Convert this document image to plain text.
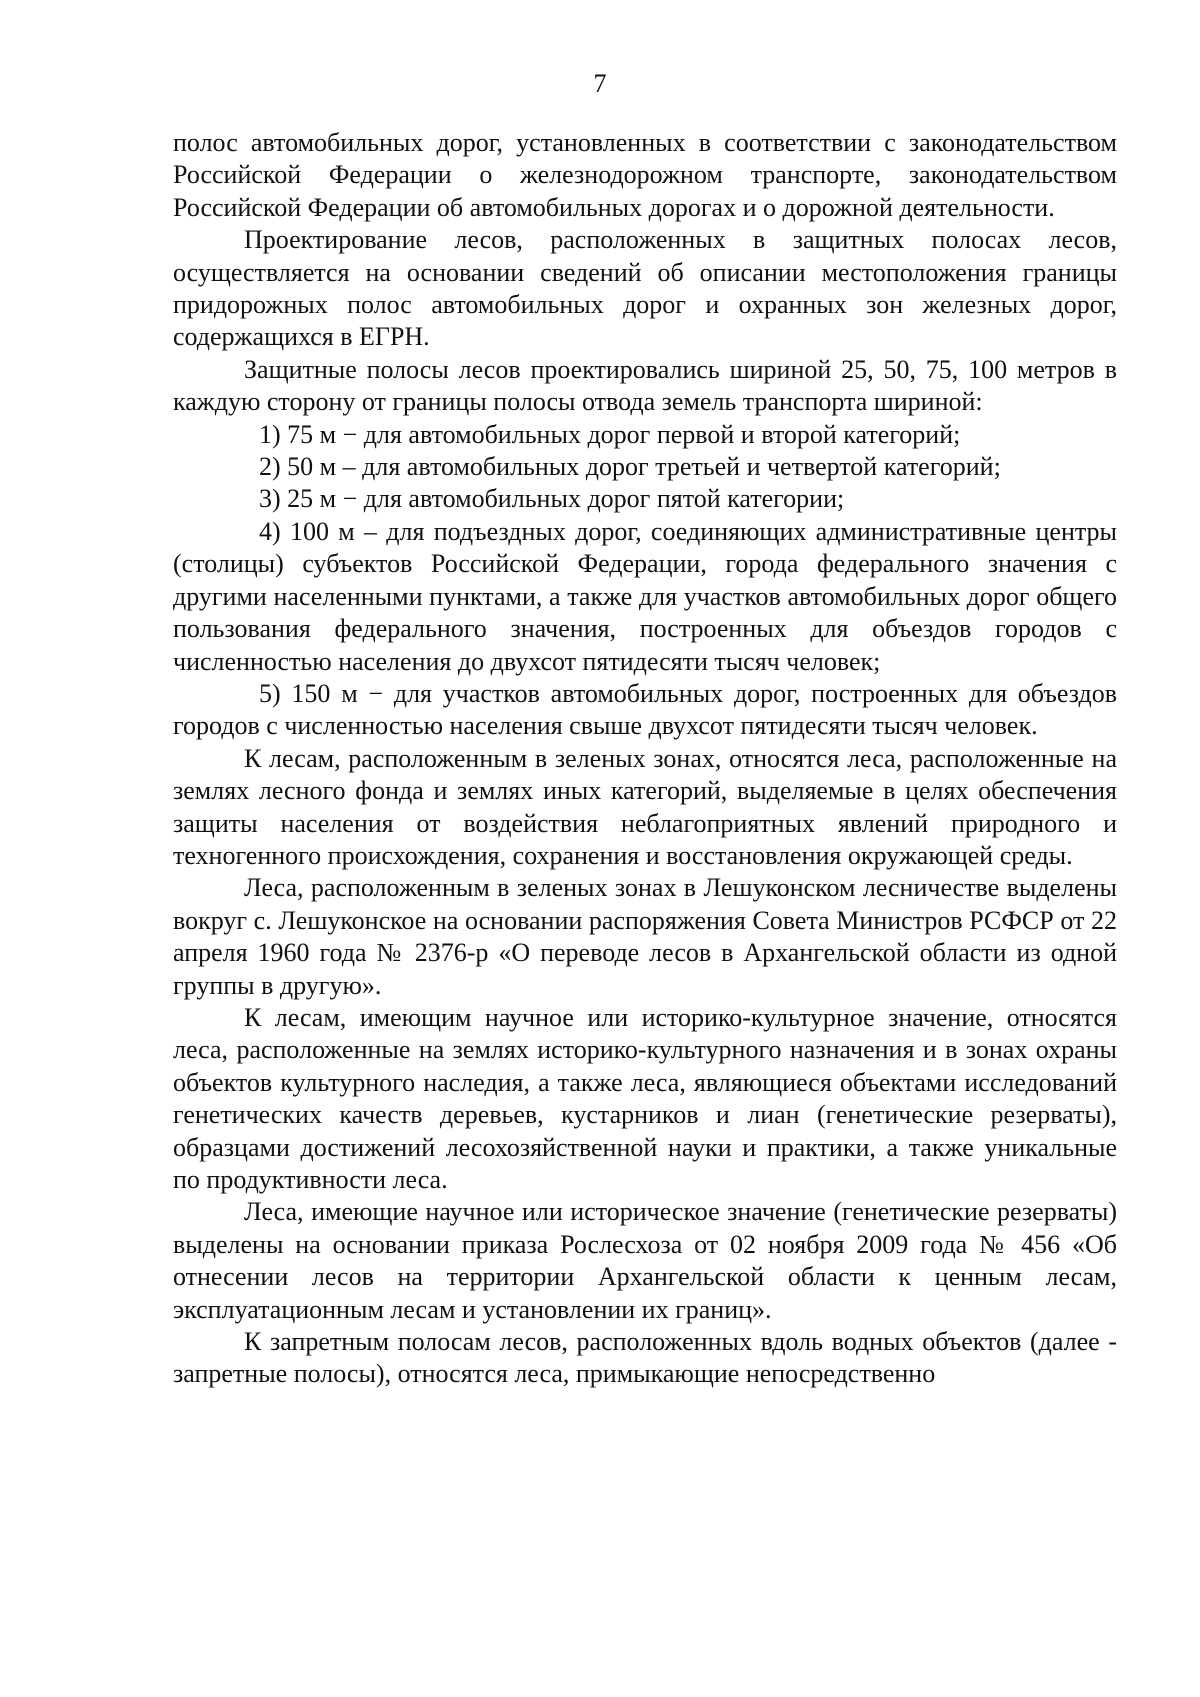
7

полос автомобильных дорог, установленных в соответствии с законодательством Российской Федерации о железнодорожном транспорте, законодательством Российской Федерации об автомобильных дорогах и о дорожной деятельности.

Проектирование лесов, расположенных в защитных полосах лесов, осуществляется на основании сведений об описании местоположения границы придорожных полос автомобильных дорог и охранных зон железных дорог, содержащихся в ЕГРН.

Защитные полосы лесов проектировались шириной 25, 50, 75, 100 метров в каждую сторону от границы полосы отвода земель транспорта шириной:

1) 75 м − для автомобильных дорог первой и второй категорий;

2) 50 м – для автомобильных дорог третьей и четвертой категорий;

3) 25 м − для автомобильных дорог пятой категории;

4) 100 м – для подъездных дорог, соединяющих административные центры (столицы) субъектов Российской Федерации, города федерального значения с другими населенными пунктами, а также для участков автомобильных дорог общего пользования федерального значения, построенных для объездов городов с численностью населения до двухсот пятидесяти тысяч человек;

5) 150 м − для участков автомобильных дорог, построенных для объездов городов с численностью населения свыше двухсот пятидесяти тысяч человек.

К лесам, расположенным в зеленых зонах, относятся леса, расположенные на землях лесного фонда и землях иных категорий, выделяемые в целях обеспечения защиты населения от воздействия неблагоприятных явлений природного и техногенного происхождения, сохранения и восстановления окружающей среды.

Леса, расположенным в зеленых зонах в Лешуконском лесничестве выделены вокруг с. Лешуконское на основании распоряжения Совета Министров РСФСР от 22 апреля 1960 года № 2376-р «О переводе лесов в Архангельской области из одной группы в другую».

К лесам, имеющим научное или историко-культурное значение, относятся леса, расположенные на землях историко-культурного назначения и в зонах охраны объектов культурного наследия, а также леса, являющиеся объектами исследований генетических качеств деревьев, кустарников и лиан (генетические резерваты), образцами достижений лесохозяйственной науки и практики, а также уникальные по продуктивности леса.

Леса, имеющие научное или историческое значение (генетические резерваты) выделены на основании приказа Рослесхоза от 02 ноября 2009 года № 456 «Об отнесении лесов на территории Архангельской области к ценным лесам, эксплуатационным лесам и установлении их границ».

К запретным полосам лесов, расположенных вдоль водных объектов (далее - запретные полосы), относятся леса, примыкающие непосредственно
